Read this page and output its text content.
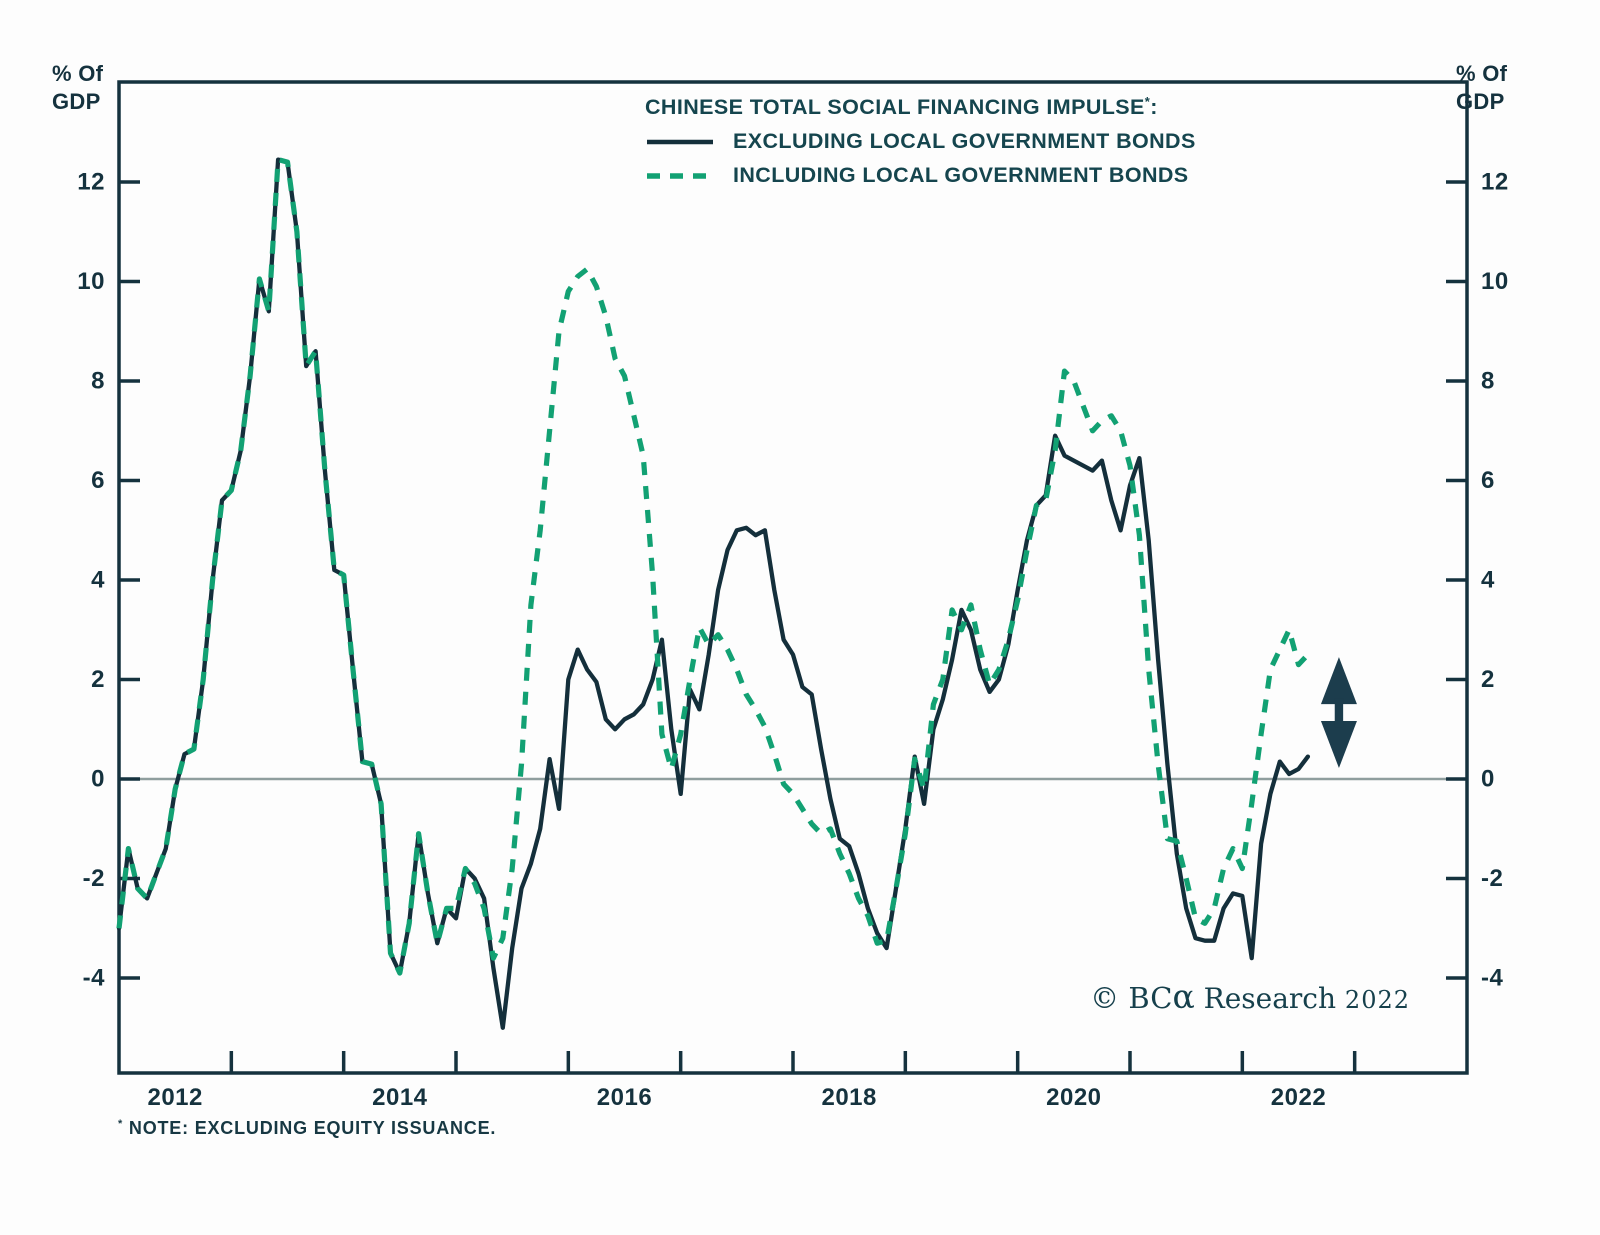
12	12
10	10
8	8
6	6
4	4
2	2
0	0
-2	-2
-4	-4
2012	2014	2016	2018	2020	2022
% Of
GDP
% Of
GDP
CHINESE TOTAL SOCIAL FINANCING IMPULSE*:
EXCLUDING LOCAL GOVERNMENT BONDS
INCLUDING LOCAL GOVERNMENT BONDS
* NOTE: EXCLUDING EQUITY ISSUANCE.
© BCα Research 2022
